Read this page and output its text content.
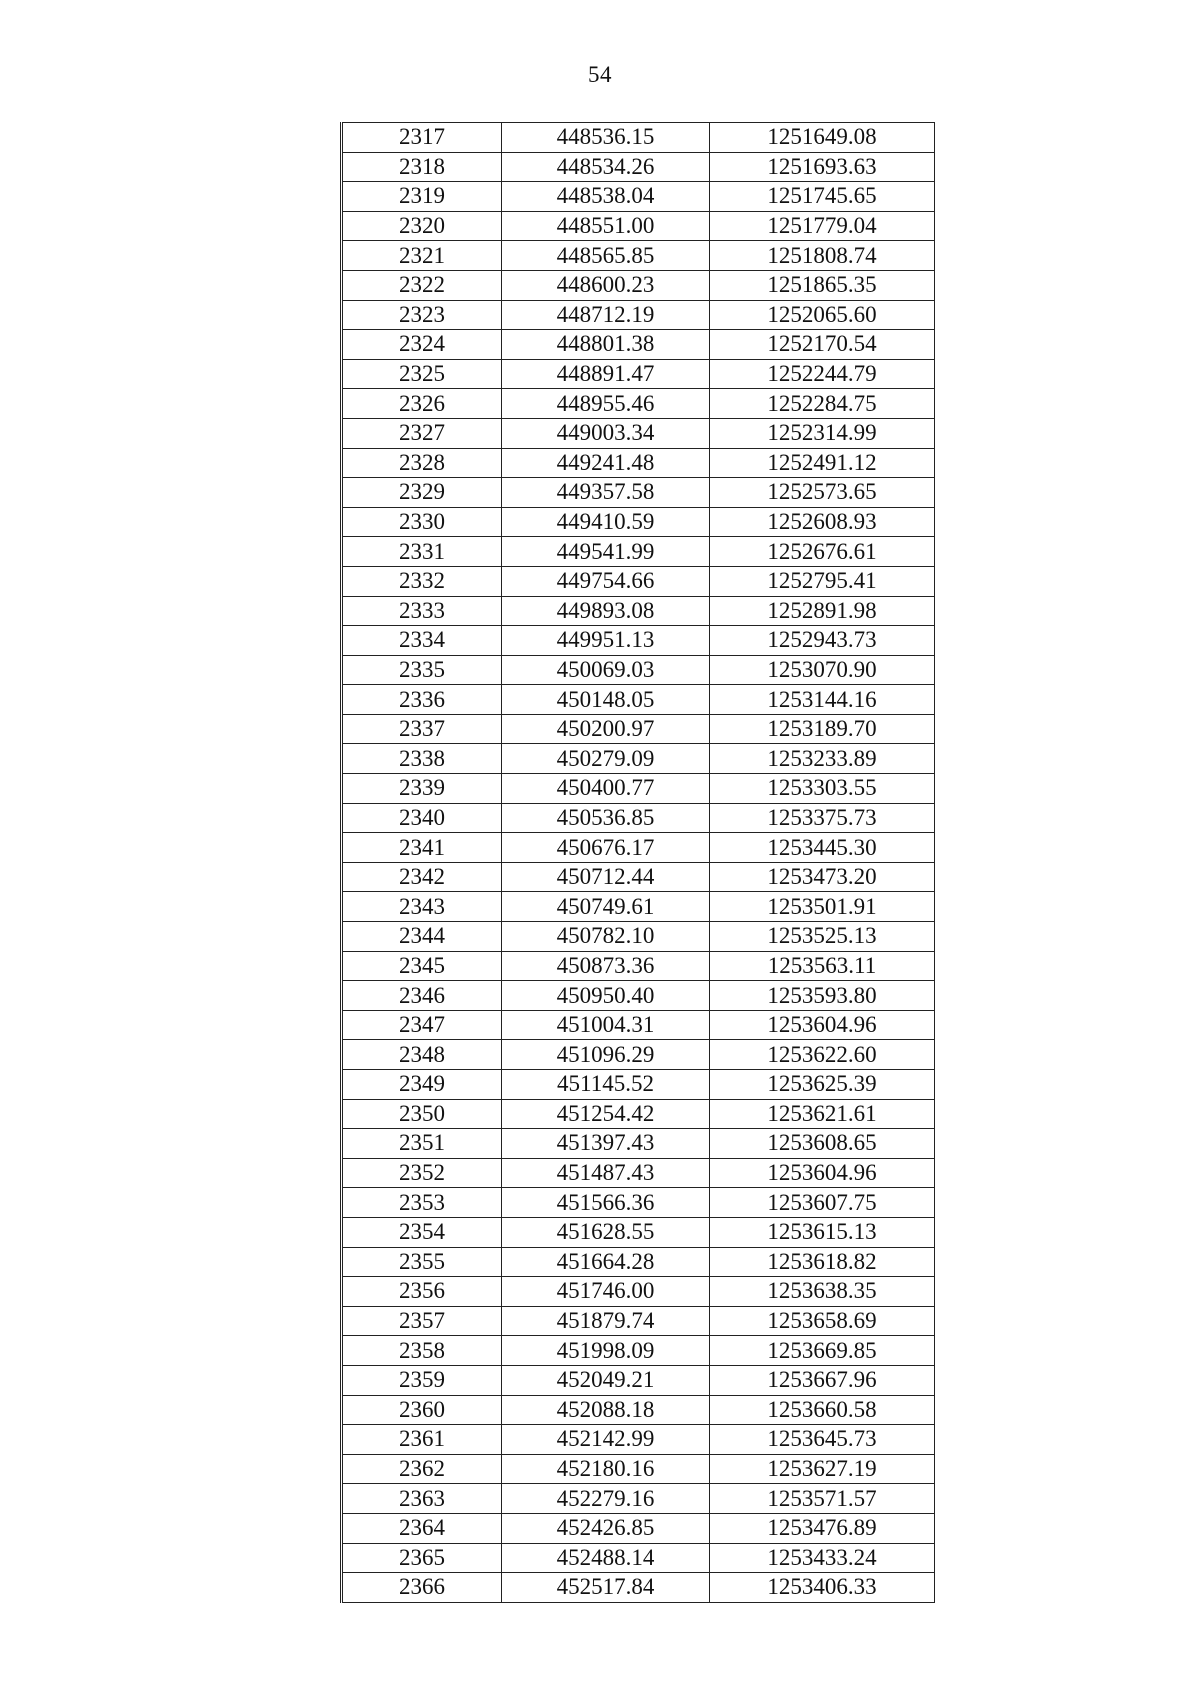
54
2317	448536.15	1251649.08
2318	448534.26	1251693.63
2319	448538.04	1251745.65
2320	448551.00	1251779.04
2321	448565.85	1251808.74
2322	448600.23	1251865.35
2323	448712.19	1252065.60
2324	448801.38	1252170.54
2325	448891.47	1252244.79
2326	448955.46	1252284.75
2327	449003.34	1252314.99
2328	449241.48	1252491.12
2329	449357.58	1252573.65
2330	449410.59	1252608.93
2331	449541.99	1252676.61
2332	449754.66	1252795.41
2333	449893.08	1252891.98
2334	449951.13	1252943.73
2335	450069.03	1253070.90
2336	450148.05	1253144.16
2337	450200.97	1253189.70
2338	450279.09	1253233.89
2339	450400.77	1253303.55
2340	450536.85	1253375.73
2341	450676.17	1253445.30
2342	450712.44	1253473.20
2343	450749.61	1253501.91
2344	450782.10	1253525.13
2345	450873.36	1253563.11
2346	450950.40	1253593.80
2347	451004.31	1253604.96
2348	451096.29	1253622.60
2349	451145.52	1253625.39
2350	451254.42	1253621.61
2351	451397.43	1253608.65
2352	451487.43	1253604.96
2353	451566.36	1253607.75
2354	451628.55	1253615.13
2355	451664.28	1253618.82
2356	451746.00	1253638.35
2357	451879.74	1253658.69
2358	451998.09	1253669.85
2359	452049.21	1253667.96
2360	452088.18	1253660.58
2361	452142.99	1253645.73
2362	452180.16	1253627.19
2363	452279.16	1253571.57
2364	452426.85	1253476.89
2365	452488.14	1253433.24
2366	452517.84	1253406.33
